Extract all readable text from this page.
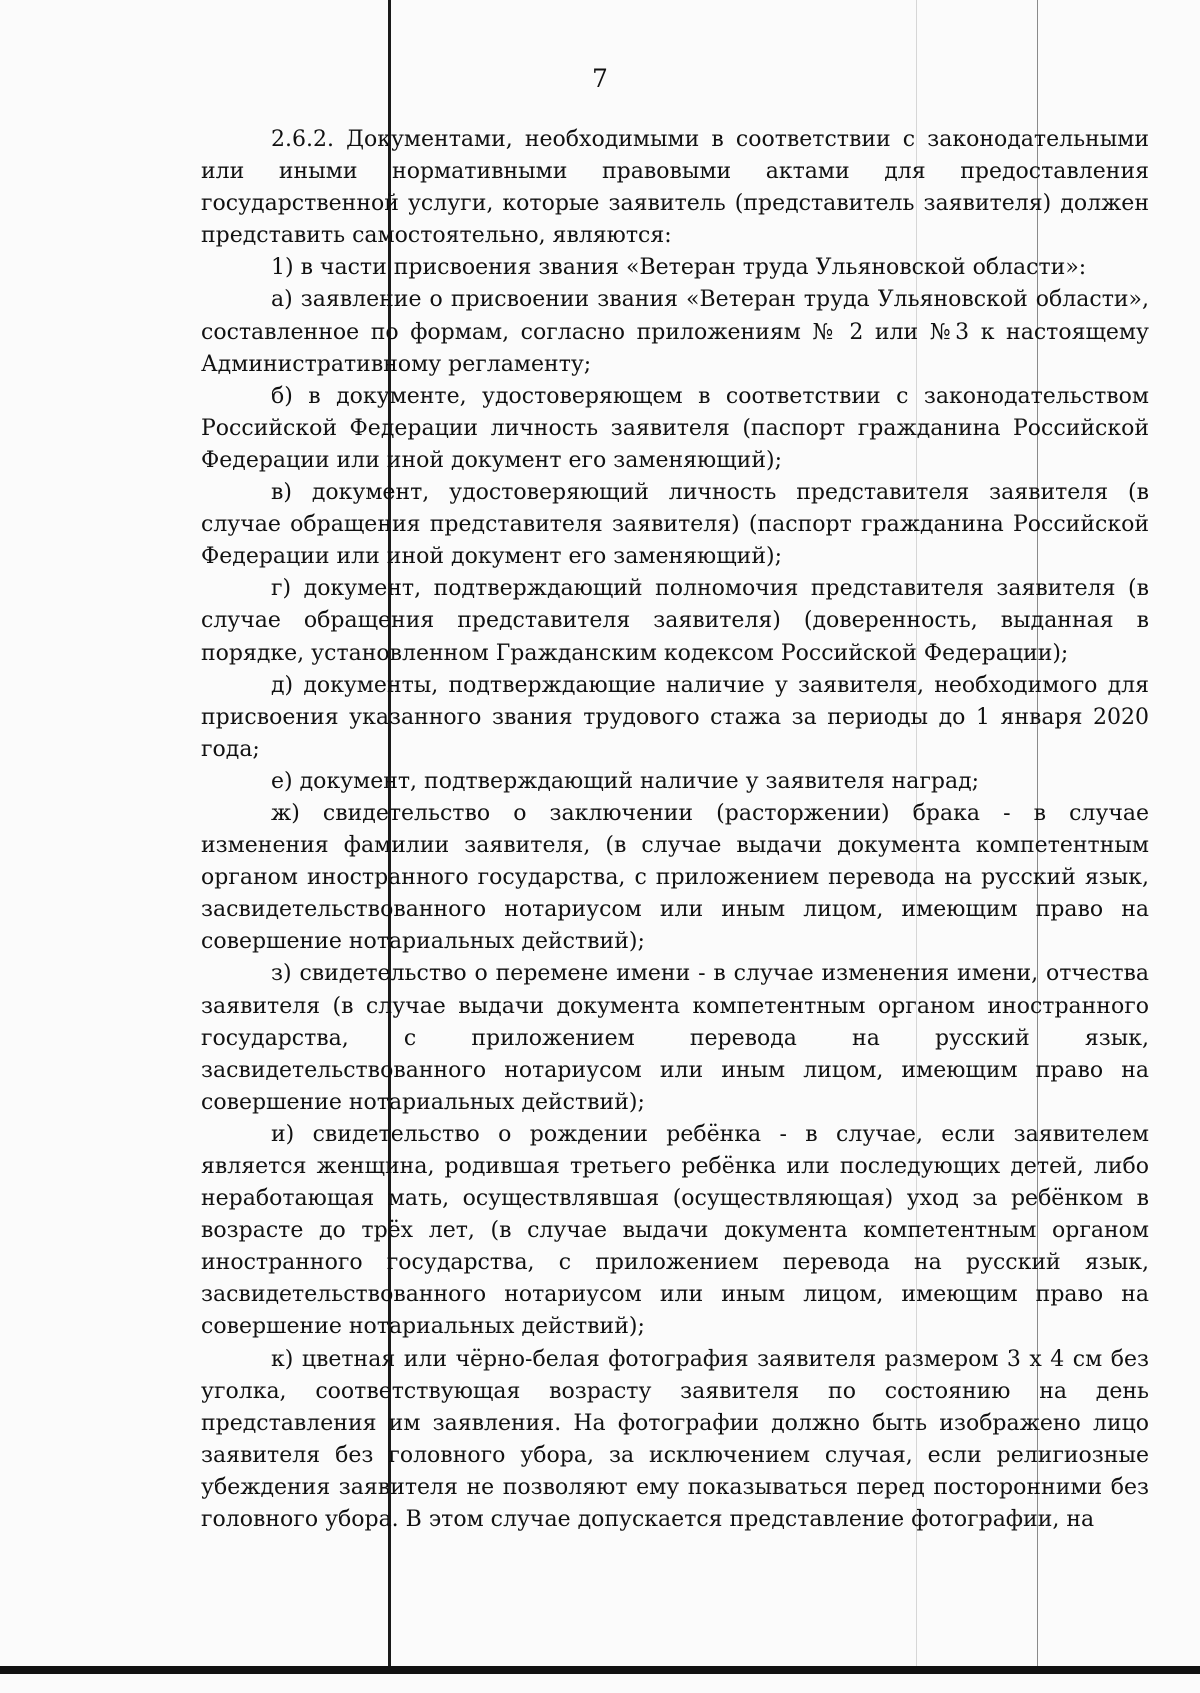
7

2.6.2. Документами, необходимыми в соответствии с законодательными или иными нормативными правовыми актами для предоставления государственной услуги, которые заявитель (представитель заявителя) должен представить самостоятельно, являются:

1) в части присвоения звания «Ветеран труда Ульяновской области»:

а) заявление о присвоении звания «Ветеран труда Ульяновской области», составленное по формам, согласно приложениям № 2 или №3 к настоящему Административному регламенту;

б) в документе, удостоверяющем в соответствии с законодательством Российской Федерации личность заявителя (паспорт гражданина Российской Федерации или иной документ его заменяющий);

в) документ, удостоверяющий личность представителя заявителя (в случае обращения представителя заявителя) (паспорт гражданина Российской Федерации или иной документ его заменяющий);

г) документ, подтверждающий полномочия представителя заявителя (в случае обращения представителя заявителя) (доверенность, выданная в порядке, установленном Гражданским кодексом Российской Федерации);

д) документы, подтверждающие наличие у заявителя, необходимого для присвоения указанного звания трудового стажа за периоды до 1 января 2020 года;

е) документ, подтверждающий наличие у заявителя наград;

ж) свидетельство о заключении (расторжении) брака - в случае изменения фамилии заявителя, (в случае выдачи документа компетентным органом иностранного государства, с приложением перевода на русский язык, засвидетельствованного нотариусом или иным лицом, имеющим право на совершение нотариальных действий);

з) свидетельство о перемене имени - в случае изменения имени, отчества заявителя (в случае выдачи документа компетентным органом иностранного государства, с приложением перевода на русский язык, засвидетельствованного нотариусом или иным лицом, имеющим право на совершение нотариальных действий);

и) свидетельство о рождении ребёнка - в случае, если заявителем является женщина, родившая третьего ребёнка или последующих детей, либо неработающая мать, осуществлявшая (осуществляющая) уход за ребёнком в возрасте до трёх лет, (в случае выдачи документа компетентным органом иностранного государства, с приложением перевода на русский язык, засвидетельствованного нотариусом или иным лицом, имеющим право на совершение нотариальных действий);

к) цветная или чёрно-белая фотография заявителя размером 3 х 4 см без уголка, соответствующая возрасту заявителя по состоянию на день представления им заявления. На фотографии должно быть изображено лицо заявителя без головного убора, за исключением случая, если религиозные убеждения заявителя не позволяют ему показываться перед посторонними без головного убора. В этом случае допускается представление фотографии, на
